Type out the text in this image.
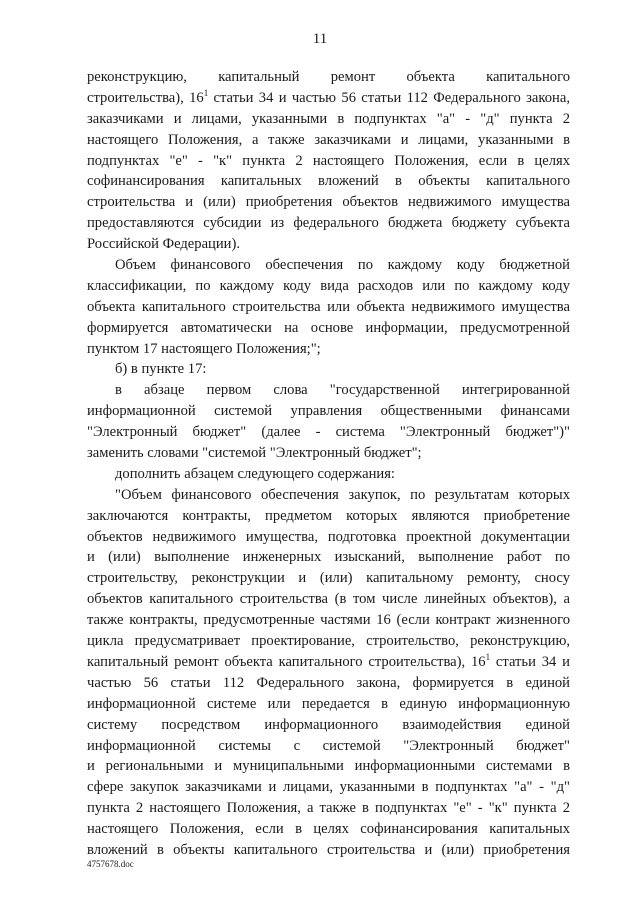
11
реконструкцию, капитальный ремонт объекта капитального
строительства), $16^1$ статьи 34 и частью 56 статьи 112 Федерального закона,
заказчиками и лицами, указанными в подпунктах "а" - "д" пункта 2
настоящего Положения, а также заказчиками и лицами, указанными в
подпунктах "е" - "к" пункта 2 настоящего Положения, если в целях
софинансирования капитальных вложений в объекты капитального
строительства и (или) приобретения объектов недвижимого имущества
предоставляются субсидии из федерального бюджета бюджету субъекта
Российской Федерации).
Объем финансового обеспечения по каждому коду бюджетной
классификации, по каждому коду вида расходов или по каждому коду
объекта капитального строительства или объекта недвижимого имущества
формируется автоматически на основе информации, предусмотренной
пунктом 17 настоящего Положения;";
б) в пункте 17:
в абзаце первом слова "государственной интегрированной
информационной системой управления общественными финансами
"Электронный бюджет" (далее - система "Электронный бюджет")"
заменить словами "системой "Электронный бюджет";
дополнить абзацем следующего содержания:
"Объем финансового обеспечения закупок, по результатам которых
заключаются контракты, предметом которых являются приобретение
объектов недвижимого имущества, подготовка проектной документации
и (или) выполнение инженерных изысканий, выполнение работ по
строительству, реконструкции и (или) капитальному ремонту, сносу
объектов капитального строительства (в том числе линейных объектов), а
также контракты, предусмотренные частями 16 (если контракт жизненного
цикла предусматривает проектирование, строительство, реконструкцию,
капитальный ремонт объекта капитального строительства), $16^1$ статьи 34 и
частью 56 статьи 112 Федерального закона, формируется в единой
информационной системе или передается в единую информационную
систему посредством информационного взаимодействия единой
информационной системы с системой "Электронный бюджет"
и региональными и муниципальными информационными системами в
сфере закупок заказчиками и лицами, указанными в подпунктах "а" - "д"
пункта 2 настоящего Положения, а также в подпунктах "е" - "к" пункта 2
настоящего Положения, если в целях софинансирования капитальных
вложений в объекты капитального строительства и (или) приобретения
4757678.doc
